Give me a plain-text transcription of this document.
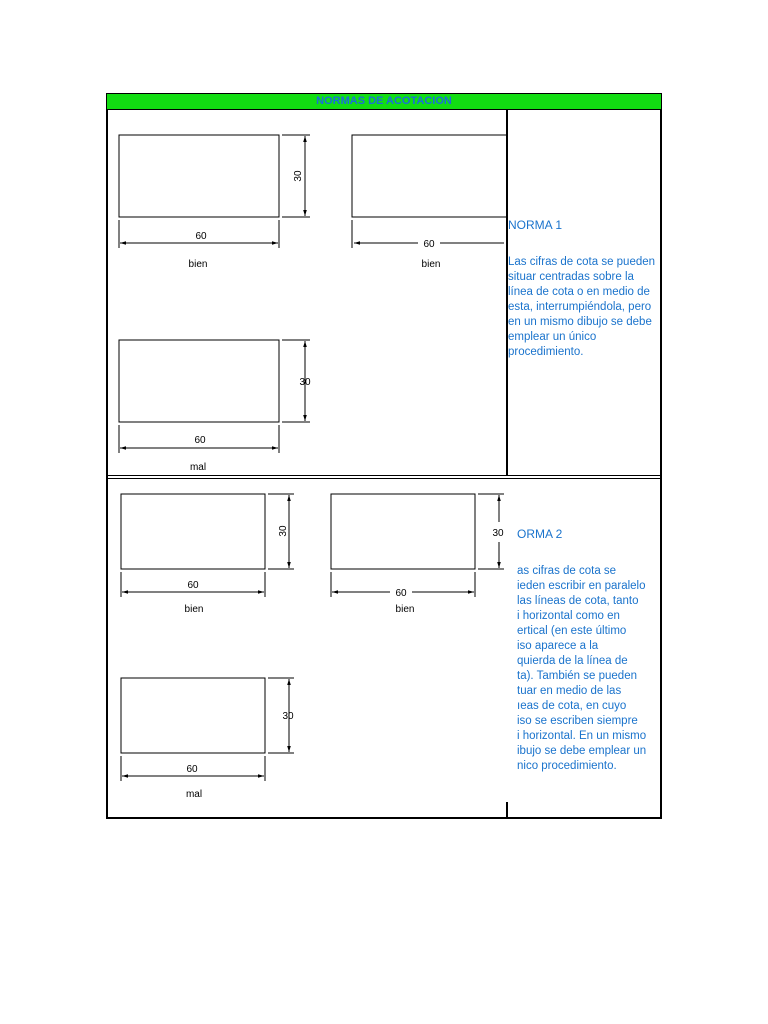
NORMAS DE ACOTACION

NORMA 1

Las cifras de cota se pueden situar centradas sobre la línea de cota o en medio de esta, interrumpiéndola, pero en un mismo dibujo se debe emplear un único procedimiento.

ORMA 2

as cifras de cota se
ieden escribir en paralelo
las líneas de cota, tanto
i horizontal como en
ertical (en este último
iso aparece a la
quierda de la línea de
ta). También se pueden
tuar en medio de las
ıeas de cota, en cuyo
iso se escriben siempre
i horizontal. En un mismo
ibujo se debe emplear un
nico procedimiento.
60
30
bien
60
bien
60
30
mal
60
30
bien
60
30
bien
60
30
mal
